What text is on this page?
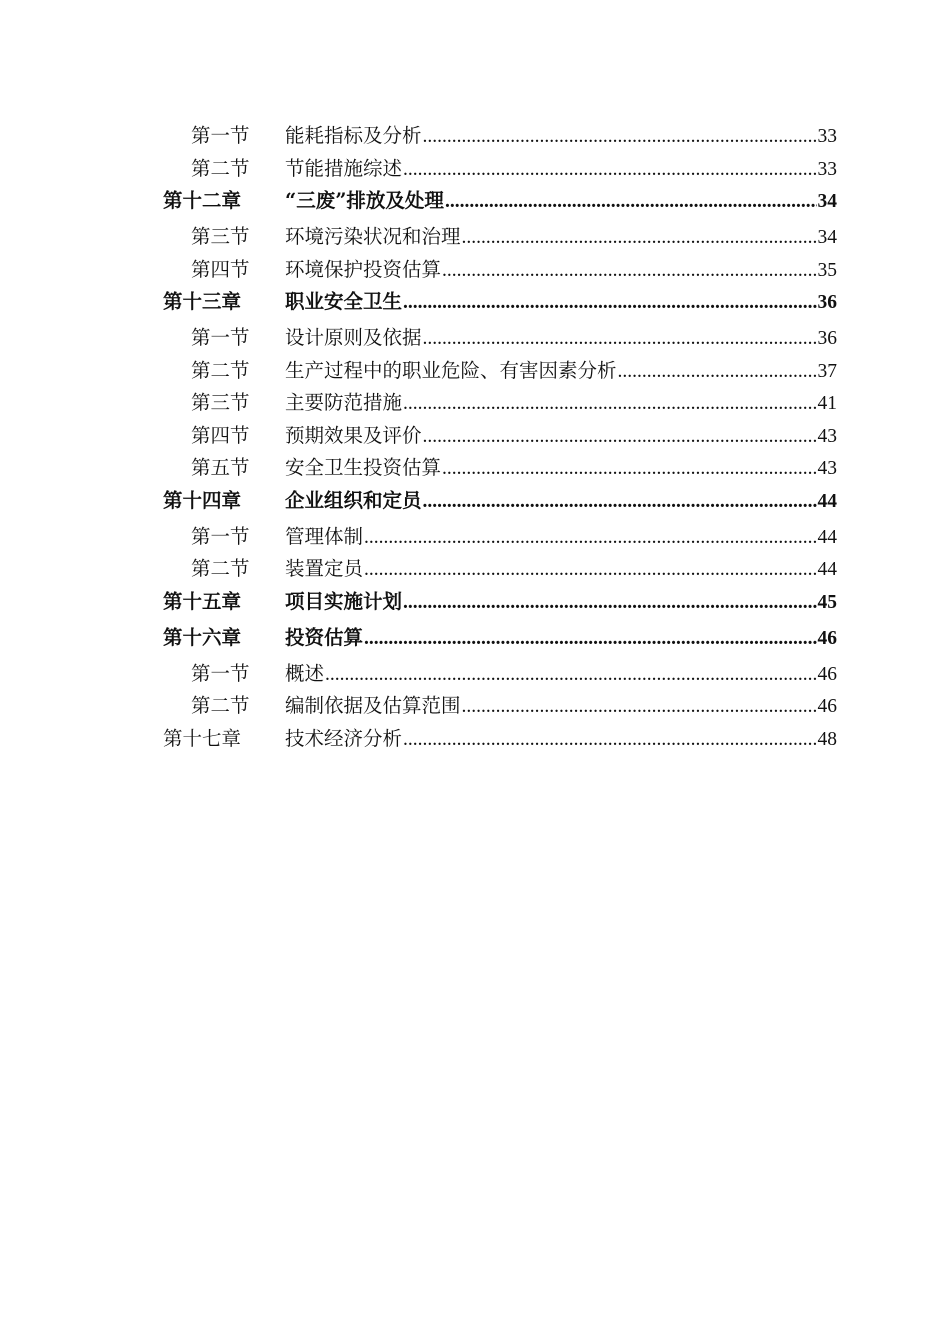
第一节	能耗指标及分析 .....	33
第二节	节能措施综述 .....	33
第十二章	“三废”排放及处理 .....	34
第三节	环境污染状况和治理 .....	34
第四节	环境保护投资估算 .....	35
第十三章	职业安全卫生 .....	36
第一节	设计原则及依据 .....	36
第二节	生产过程中的职业危险、有害因素分析 .....	37
第三节	主要防范措施 .....	41
第四节	预期效果及评价 .....	43
第五节	安全卫生投资估算 .....	43
第十四章	企业组织和定员 .....	44
第一节	管理体制 .....	44
第二节	装置定员 .....	44
第十五章	项目实施计划 .....	45
第十六章	投资估算 .....	46
第一节	概述 .....	46
第二节	编制依据及估算范围 .....	46
第十七章	技术经济分析 .....	48
